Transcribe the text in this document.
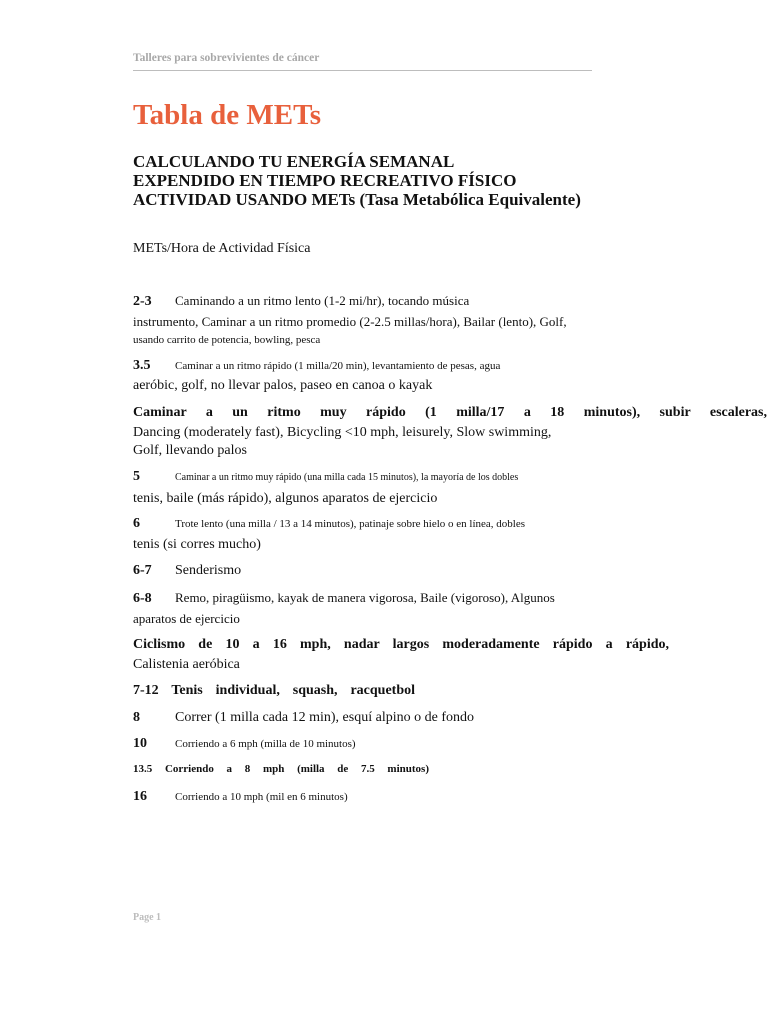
Talleres para sobrevivientes de cáncer
Tabla de METs
CALCULANDO TU ENERGÍA SEMANAL
EXPENDIDO EN TIEMPO RECREATIVO FÍSICO
ACTIVIDAD USANDO METs (Tasa Metabólica Equivalente)
METs/Hora de Actividad Física
2-3 Caminando a un ritmo lento (1-2 mi/hr), tocando música
instrumento, Caminar a un ritmo promedio (2-2.5 millas/hora), Bailar (lento), Golf,
usando carrito de potencia, bowling, pesca
3.5 Caminar a un ritmo rápido (1 milla/20 min), levantamiento de pesas, agua
aeróbic, golf, no llevar palos, paseo en canoa o kayak
Caminar a un ritmo muy rápido (1 milla/17 a 18 minutos), subir escaleras,
Dancing (moderately fast), Bicycling <10 mph, leisurely, Slow swimming,
Golf, llevando palos
5	Caminar a un ritmo muy rápido (una milla cada 15 minutos), la mayoría de los dobles
tenis, baile (más rápido), algunos aparatos de ejercicio
6	Trote lento (una milla / 13 a 14 minutos), patinaje sobre hielo o en línea, dobles
tenis (si corres mucho)
6-7 Senderismo
6-8 Remo, piragüismo, kayak de manera vigorosa, Baile (vigoroso), Algunos
aparatos de ejercicio
Ciclismo de 10 a 16 mph, nadar largos moderadamente rápido a rápido,
Calistenia aeróbica
7-12 Tenis individual, squash, racquetbol
8	Correr (1 milla cada 12 min), esquí alpino o de fondo
10	Corriendo a 6 mph (milla de 10 minutos)
13.5 Corriendo a 8 mph (milla de 7.5 minutos)
16	Corriendo a 10 mph (mil en 6 minutos)
Page 1
